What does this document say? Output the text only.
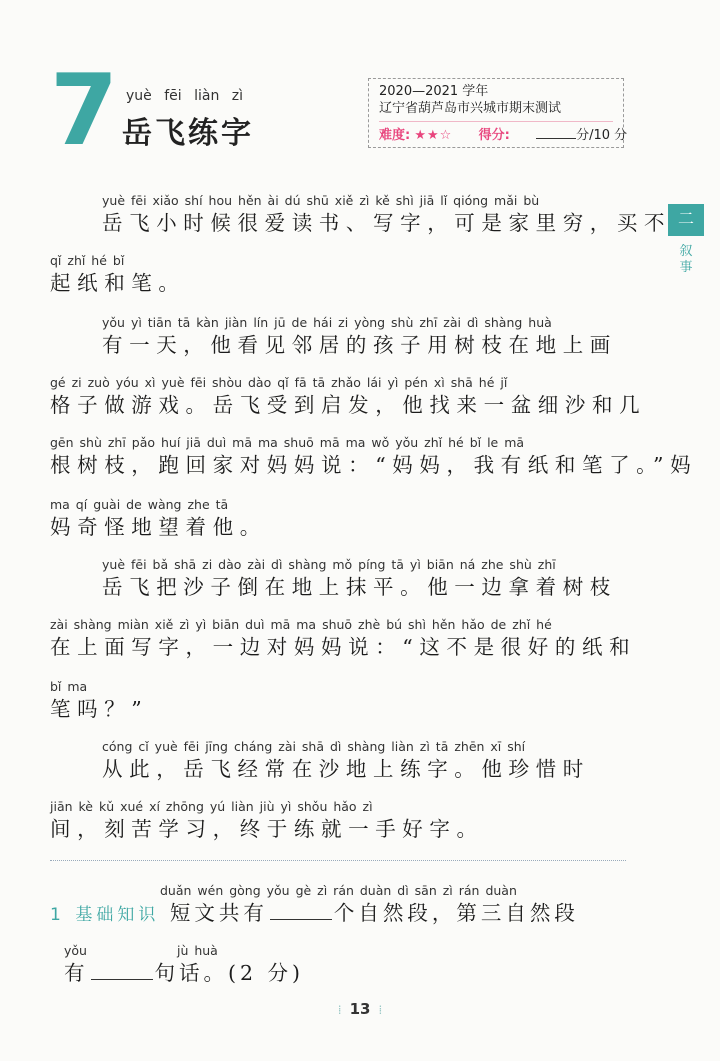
7 yuè fēi liàn zì
岳飞练字
2020—2021 学年
辽宁省葫芦岛市兴城市期末测试
难度: ★★☆ 得分:	分/10 分
二
叙事
yuè fēi xiǎo shí hou hěn ài dú shū xiě zì kě shì jiā lǐ qióng mǎi bù
岳飞小时候很爱读书、写字，可是家里穷，买不
qǐ zhǐ hé bǐ
起纸和笔。
yǒu yì tiān tā kàn jiàn lín jū de hái zi yòng shù zhī zài dì shàng huà
有一天，他看见邻居的孩子用树枝在地上画
gé zi zuò yóu xì yuè fēi shòu dào qǐ fā tā zhǎo lái yì pén xì shā hé jǐ
格子做游戏。岳飞受到启发，他找来一盆细沙和几
gēn shù zhī pǎo huí jiā duì mā ma shuō mā ma wǒ yǒu zhǐ hé bǐ le mā
根树枝，跑回家对妈妈说：“妈妈，我有纸和笔了。”妈
ma qí guài de wàng zhe tā
妈奇怪地望着他。
yuè fēi bǎ shā zi dào zài dì shàng mǒ píng tā yì biān ná zhe shù zhī
岳飞把沙子倒在地上抹平。他一边拿着树枝
zài shàng miàn xiě zì yì biān duì mā ma shuō zhè bú shì hěn hǎo de zhǐ hé
在上面写字，一边对妈妈说：“这不是很好的纸和
bǐ ma
笔吗？”
cóng cǐ yuè fēi jīng cháng zài shā dì shàng liàn zì tā zhēn xī shí
从此，岳飞经常在沙地上练字。他珍惜时
jiān kè kǔ xué xí zhōng yú liàn jiù yì shǒu hǎo zì
间，刻苦学习，终于练就一手好字。
duǎn wén gòng yǒu gè zì rán duàn dì sān zì rán duàn
1 基础知识 短文共有	个自然段，第三自然段
yǒu	jù huà
有	句话。(2 分)
⁞ 13 ⁞
